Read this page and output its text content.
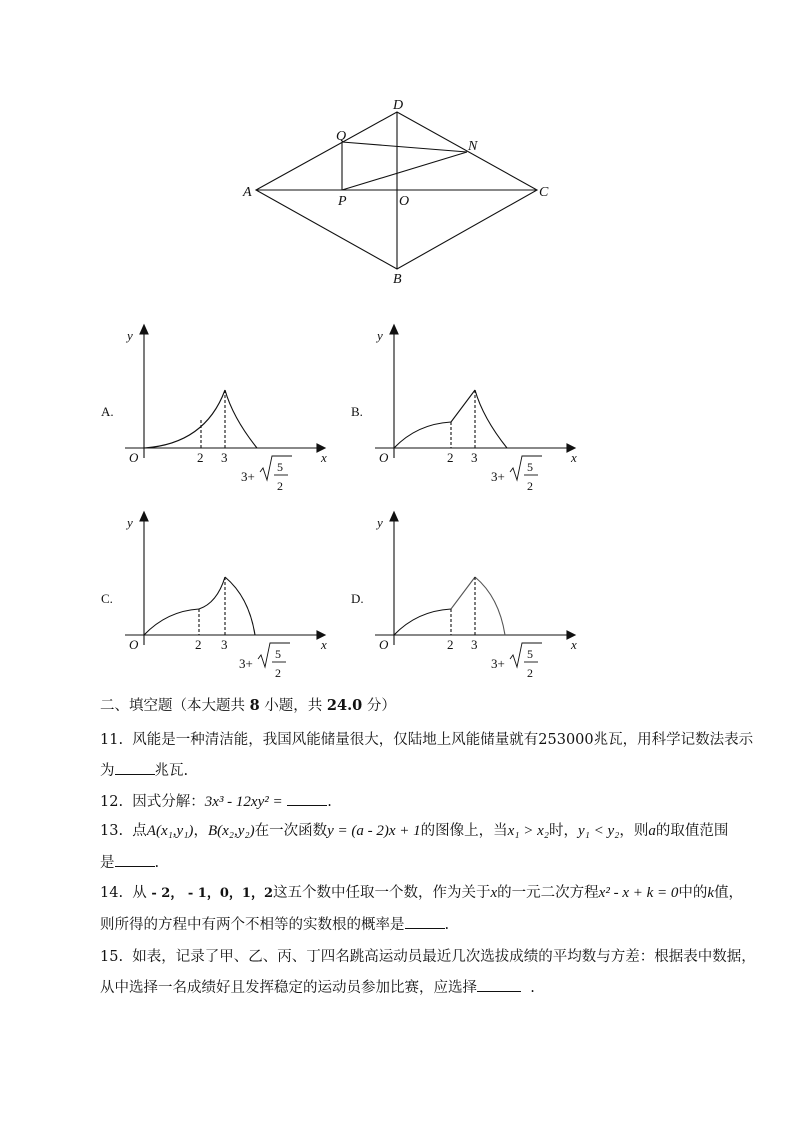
A
B
C
D
O
P
Q
N
A.
y
x
O	2 3
3+
5
2
B.
y
x
O	2 3
3+
5
2
C.
y
x
O	2 3
3+
5
2
D.
y
x
O	2 3
3+
5
2
二、填空题（本大题共 8 小题，共 24.0 分）
11. 风能是一种清洁能，我国风能储量很大，仅陆地上风能储量就有253000兆瓦，用科学记数法表示
为	兆瓦.
12. 因式分解：3x³ - 12xy² =	.
13. 点A(x₁,y₁)，B(x₂,y₂)在一次函数y = (a - 2)x + 1的图像上，当x₁ > x₂时，y₁ < y₂，则a的取值范围
是	.
14. 从 - 2， - 1，0，1，2这五个数中任取一个数，作为关于x的一元二次方程x² - x + k = 0中的k值，
则所得的方程中有两个不相等的实数根的概率是	.
15. 如表，记录了甲、乙、丙、丁四名跳高运动员最近几次选拔成绩的平均数与方差：根据表中数据，
从中选择一名成绩好且发挥稳定的运动员参加比赛，应选择	.
